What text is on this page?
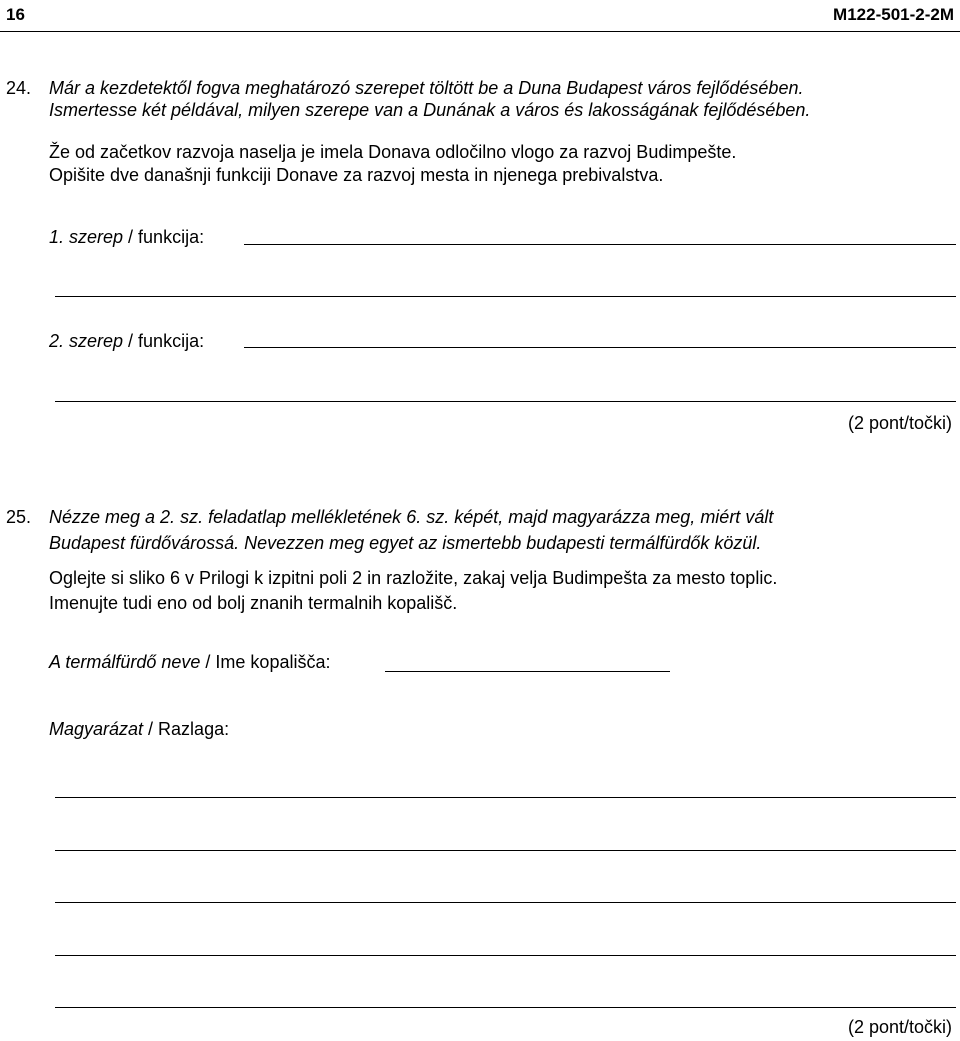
16	M122-501-2-2M
24. Már a kezdetektől fogva meghatározó szerepet töltött be a Duna Budapest város fejlődésében.
Ismertesse két példával, milyen szerepe van a Dunának a város és lakosságának fejlődésében.
Že od začetkov razvoja naselja je imela Donava odločilno vlogo za razvoj Budimpešte.
Opišite dve današnji funkciji Donave za razvoj mesta in njenega prebivalstva.
1. szerep / funkcija:
2. szerep / funkcija:
(2 pont/točki)
25. Nézze meg a 2. sz. feladatlap mellékletének 6. sz. képét, majd magyarázza meg, miért vált
Budapest fürdővárossá. Nevezzen meg egyet az ismertebb budapesti termálfürdők közül.
Oglejte si sliko 6 v Prilogi k izpitni poli 2 in razložite, zakaj velja Budimpešta za mesto toplic.
Imenujte tudi eno od bolj znanih termalnih kopališč.
A termálfürdő neve / Ime kopališča:
Magyarázat / Razlaga:
(2 pont/točki)
